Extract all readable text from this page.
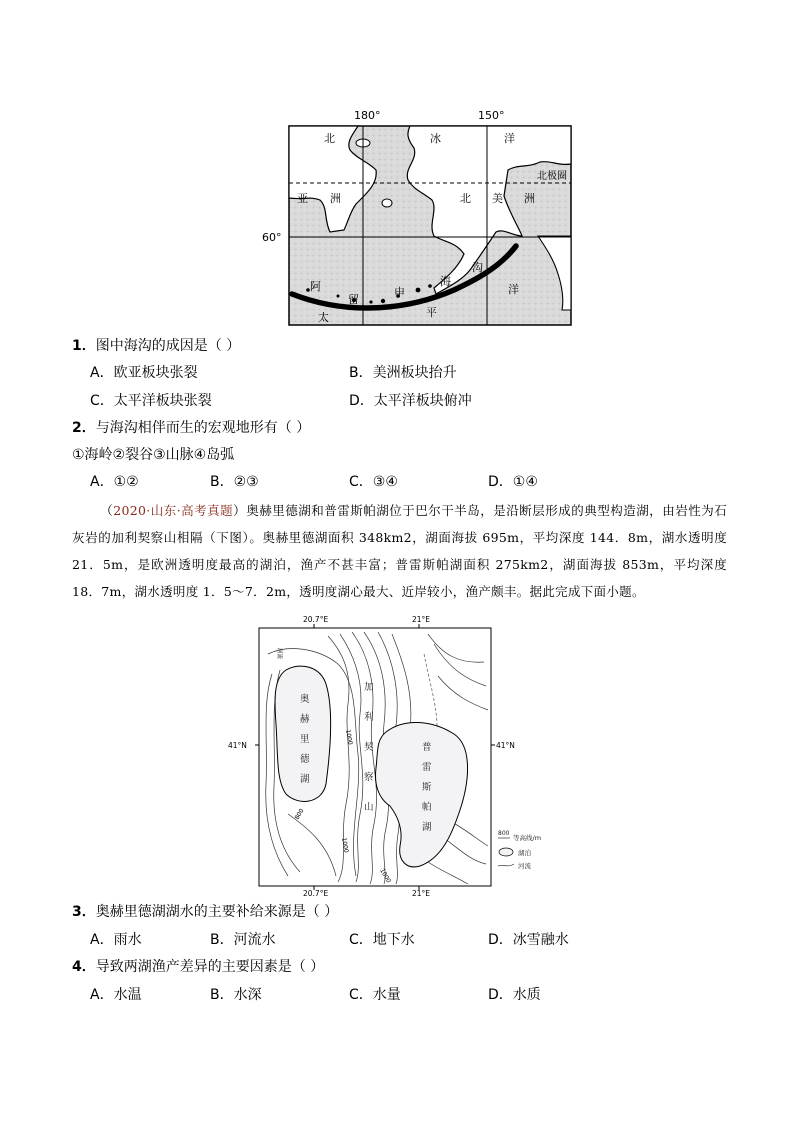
180°	150°
60°
北极圈
北	冰	洋
亚 洲	北 美 洲
沟
海
洋
阿	申
留
太	平
1．图中海沟的成因是（ ）
A．欧亚板块张裂	B．美洲板块抬升
C．太平洋板块张裂	D．太平洋板块俯冲
2．与海沟相伴而生的宏观地形有（ ）
①海岭②裂谷③山脉④岛弧
A．①②	B．②③	C．③④	D．①④
（2020·山东·高考真题）奥赫里德湖和普雷斯帕湖位于巴尔干半岛，是沿断层形成的典型构造湖，由岩性为石灰岩的加利契察山相隔（下图）。奥赫里德湖面积 348km2，湖面海拔 695m，平均深度 144．8m，湖水透明度 21．5m，是欧洲透明度最高的湖泊，渔产不甚丰富；普雷斯帕湖面积 275km2，湖面海拔 853m，平均深度 18．7m，湖水透明度 1．5～7．2m，透明度湖心最大、近岸较小，渔产颇丰。据此完成下面小题。
奥
赫
里
德
湖
普
雷
斯
帕
湖
加
利
契
察
山
1000
800
1000
1000
河流
20.7°E	21°E
20.7°E	21°E
41°N	41°N
800
等高线/m
湖泊
河流
3．奥赫里德湖湖水的主要补给来源是（ ）
A．雨水	B．河流水	C．地下水	D．冰雪融水
4．导致两湖渔产差异的主要因素是（ ）
A．水温	B．水深	C．水量	D．水质
